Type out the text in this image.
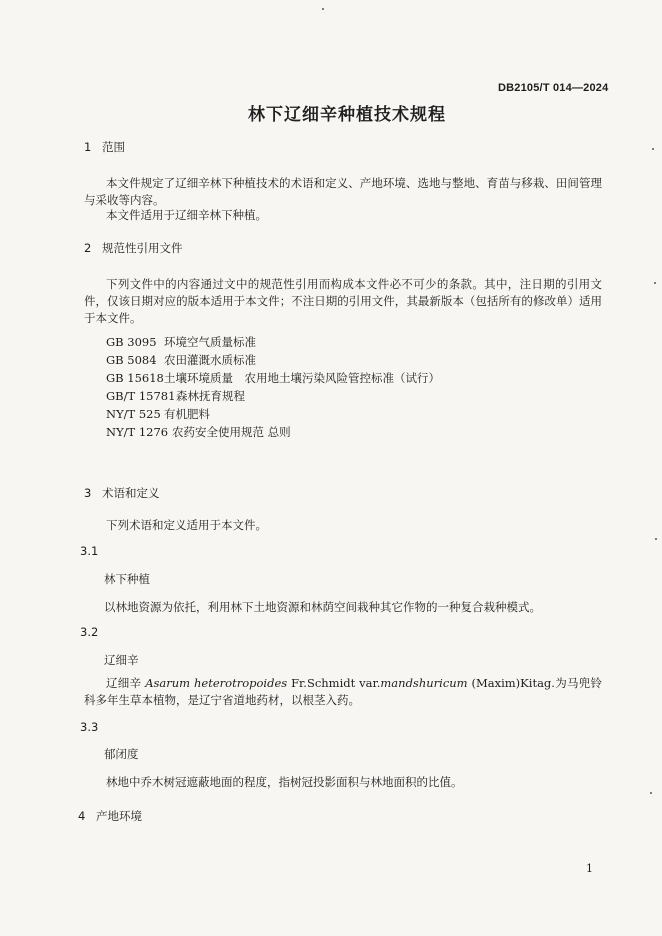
DB2105/T 014—2024
林下辽细辛种植技术规程
1 范围
本文件规定了辽细辛林下种植技术的术语和定义、产地环境、选地与整地、育苗与移栽、田间管理与采收等内容。
本文件适用于辽细辛林下种植。
2 规范性引用文件
下列文件中的内容通过文中的规范性引用而构成本文件必不可少的条款。其中，注日期的引用文件，仅该日期对应的版本适用于本文件；不注日期的引用文件，其最新版本（包括所有的修改单）适用于本文件。
GB 3095 环境空气质量标准
GB 5084 农田灌溉水质标准
GB 15618土壤环境质量　农用地土壤污染风险管控标准（试行）
GB/T 15781森林抚育规程
NY/T 525 有机肥料
NY/T 1276 农药安全使用规范 总则
3 术语和定义
下列术语和定义适用于本文件。
3.1
林下种植
以林地资源为依托，利用林下土地资源和林荫空间栽种其它作物的一种复合栽种模式。
3.2
辽细辛
辽细辛 Asarum heterotropoides Fr.Schmidt var.mandshuricum (Maxim)Kitag.为马兜铃科多年生草本植物，是辽宁省道地药材，以根茎入药。
3.3
郁闭度
林地中乔木树冠遮蔽地面的程度，指树冠投影面积与林地面积的比值。
4 产地环境
1
